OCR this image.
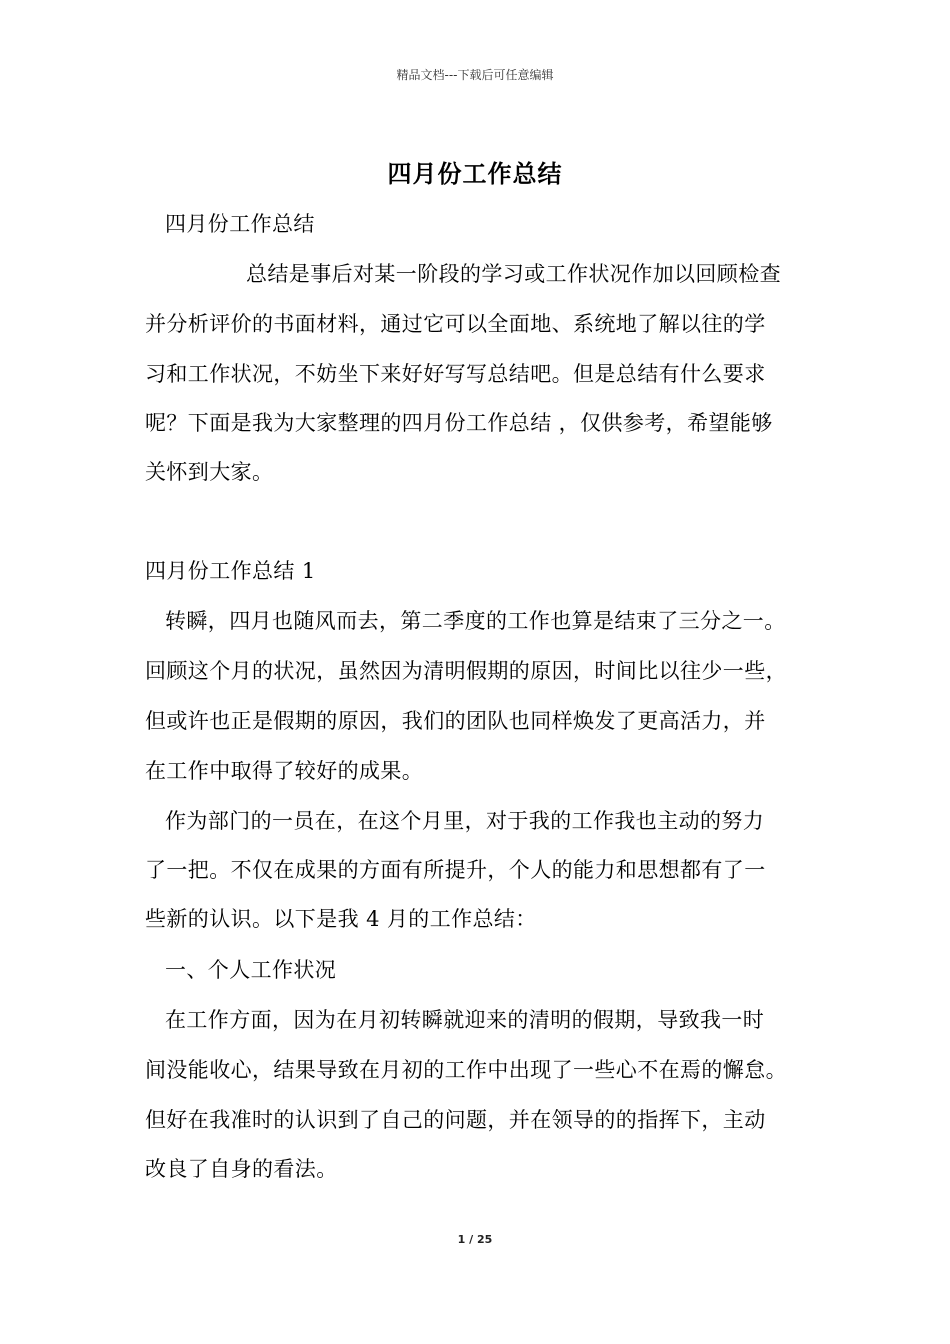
精品文档---下载后可任意编辑
四月份工作总结
四月份工作总结
总结是事后对某一阶段的学习或工作状况作加以回顾检查
并分析评价的书面材料，通过它可以全面地、系统地了解以往的学
习和工作状况，不妨坐下来好好写写总结吧。但是总结有什么要求
呢？下面是我为大家整理的四月份工作总结 ，仅供参考，希望能够
关怀到大家。
四月份工作总结 1
转瞬，四月也随风而去，第二季度的工作也算是结束了三分之一。
回顾这个月的状况，虽然因为清明假期的原因，时间比以往少一些，
但或许也正是假期的原因，我们的团队也同样焕发了更高活力，并
在工作中取得了较好的成果。
作为部门的一员在，在这个月里，对于我的工作我也主动的努力
了一把。不仅在成果的方面有所提升，个人的能力和思想都有了一
些新的认识。以下是我 4 月的工作总结：
一、个人工作状况
在工作方面，因为在月初转瞬就迎来的清明的假期，导致我一时
间没能收心，结果导致在月初的工作中出现了一些心不在焉的懈怠。
但好在我准时的认识到了自己的问题，并在领导的的指挥下，主动
改良了自身的看法。
1 / 25
